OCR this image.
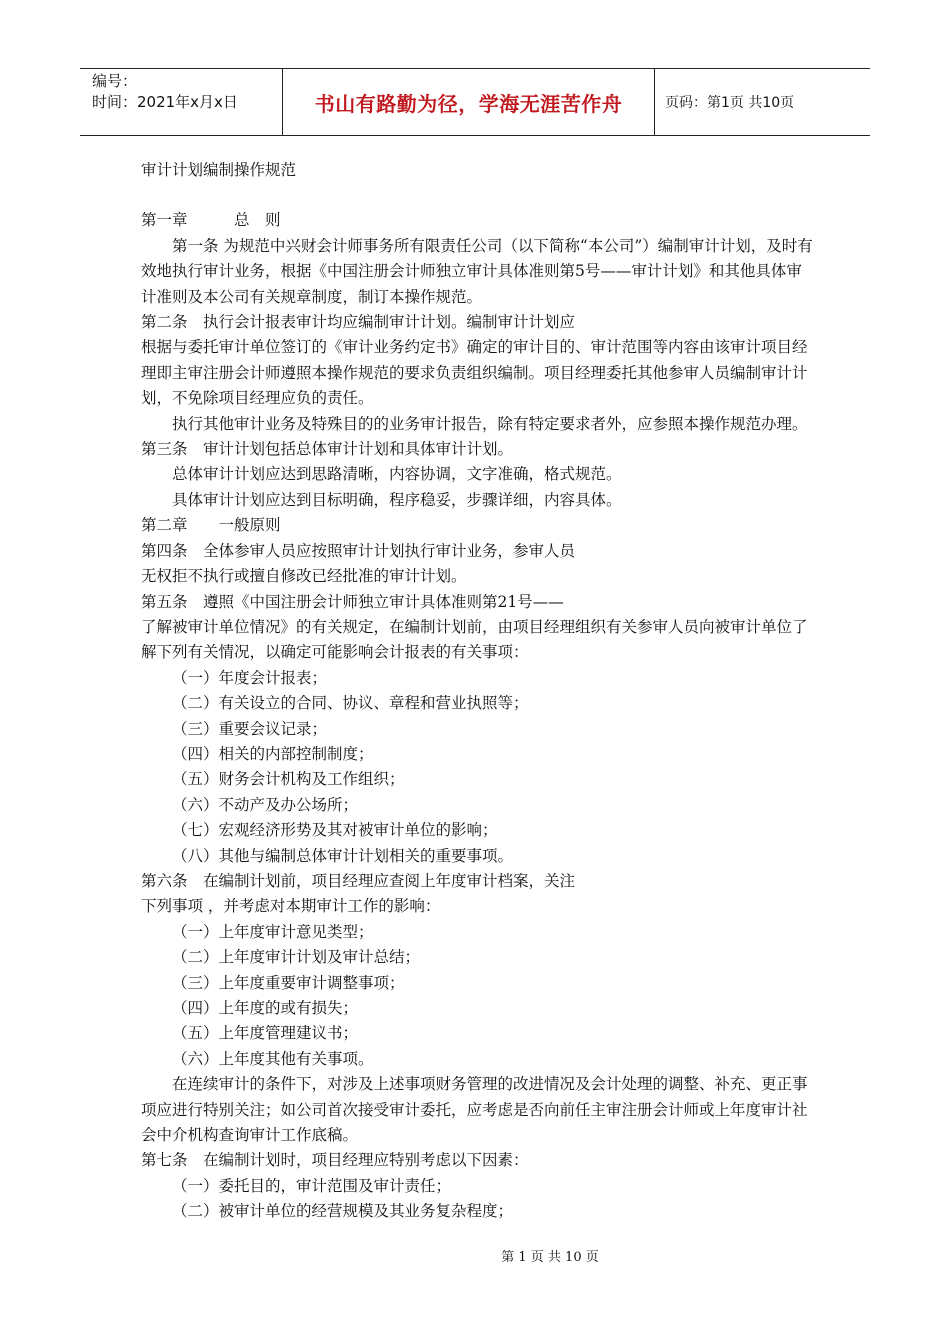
编号：
时间：2021年x月x日	书山有路勤为径，学海无涯苦作舟	页码：第1页 共10页

审计计划编制操作规范

第一章　　　总　则

第一条 为规范中兴财会计师事务所有限责任公司（以下简称“本公司”）编制审计计划，及时有效地执行审计业务，根据《中国注册会计师独立审计具体准则第5号——审计计划》和其他具体审计准则及本公司有关规章制度，制订本操作规范。

第二条　执行会计报表审计均应编制审计计划。编制审计计划应

根据与委托审计单位签订的《审计业务约定书》确定的审计目的、审计范围等内容由该审计项目经理即主审注册会计师遵照本操作规范的要求负责组织编制。项目经理委托其他参审人员编制审计计划，不免除项目经理应负的责任。

执行其他审计业务及特殊目的的业务审计报告，除有特定要求者外，应参照本操作规范办理。

第三条　审计计划包括总体审计计划和具体审计计划。

总体审计计划应达到思路清晰，内容协调，文字准确，格式规范。

具体审计计划应达到目标明确，程序稳妥，步骤详细，内容具体。

第二章　　一般原则

第四条　全体参审人员应按照审计计划执行审计业务，参审人员

无权拒不执行或擅自修改已经批准的审计计划。

第五条　遵照《中国注册会计师独立审计具体准则第21号——

了解被审计单位情况》的有关规定，在编制计划前，由项目经理组织有关参审人员向被审计单位了解下列有关情况，以确定可能影响会计报表的有关事项：

（一）年度会计报表；

（二）有关设立的合同、协议、章程和营业执照等；

（三）重要会议记录；

（四）相关的内部控制制度；

（五）财务会计机构及工作组织；

（六）不动产及办公场所；

（七）宏观经济形势及其对被审计单位的影响；

（八）其他与编制总体审计计划相关的重要事项。

第六条　在编制计划前，项目经理应查阅上年度审计档案，关注

下列事项 ，并考虑对本期审计工作的影响：

（一）上年度审计意见类型；

（二）上年度审计计划及审计总结；

（三）上年度重要审计调整事项；

（四）上年度的或有损失；

（五）上年度管理建议书；

（六）上年度其他有关事项。

在连续审计的条件下，对涉及上述事项财务管理的改进情况及会计处理的调整、补充、更正事项应进行特别关注；如公司首次接受审计委托，应考虑是否向前任主审注册会计师或上年度审计社会中介机构查询审计工作底稿。

第七条　在编制计划时，项目经理应特别考虑以下因素：

（一）委托目的，审计范围及审计责任；

（二）被审计单位的经营规模及其业务复杂程度；

第 1 页 共 10 页
